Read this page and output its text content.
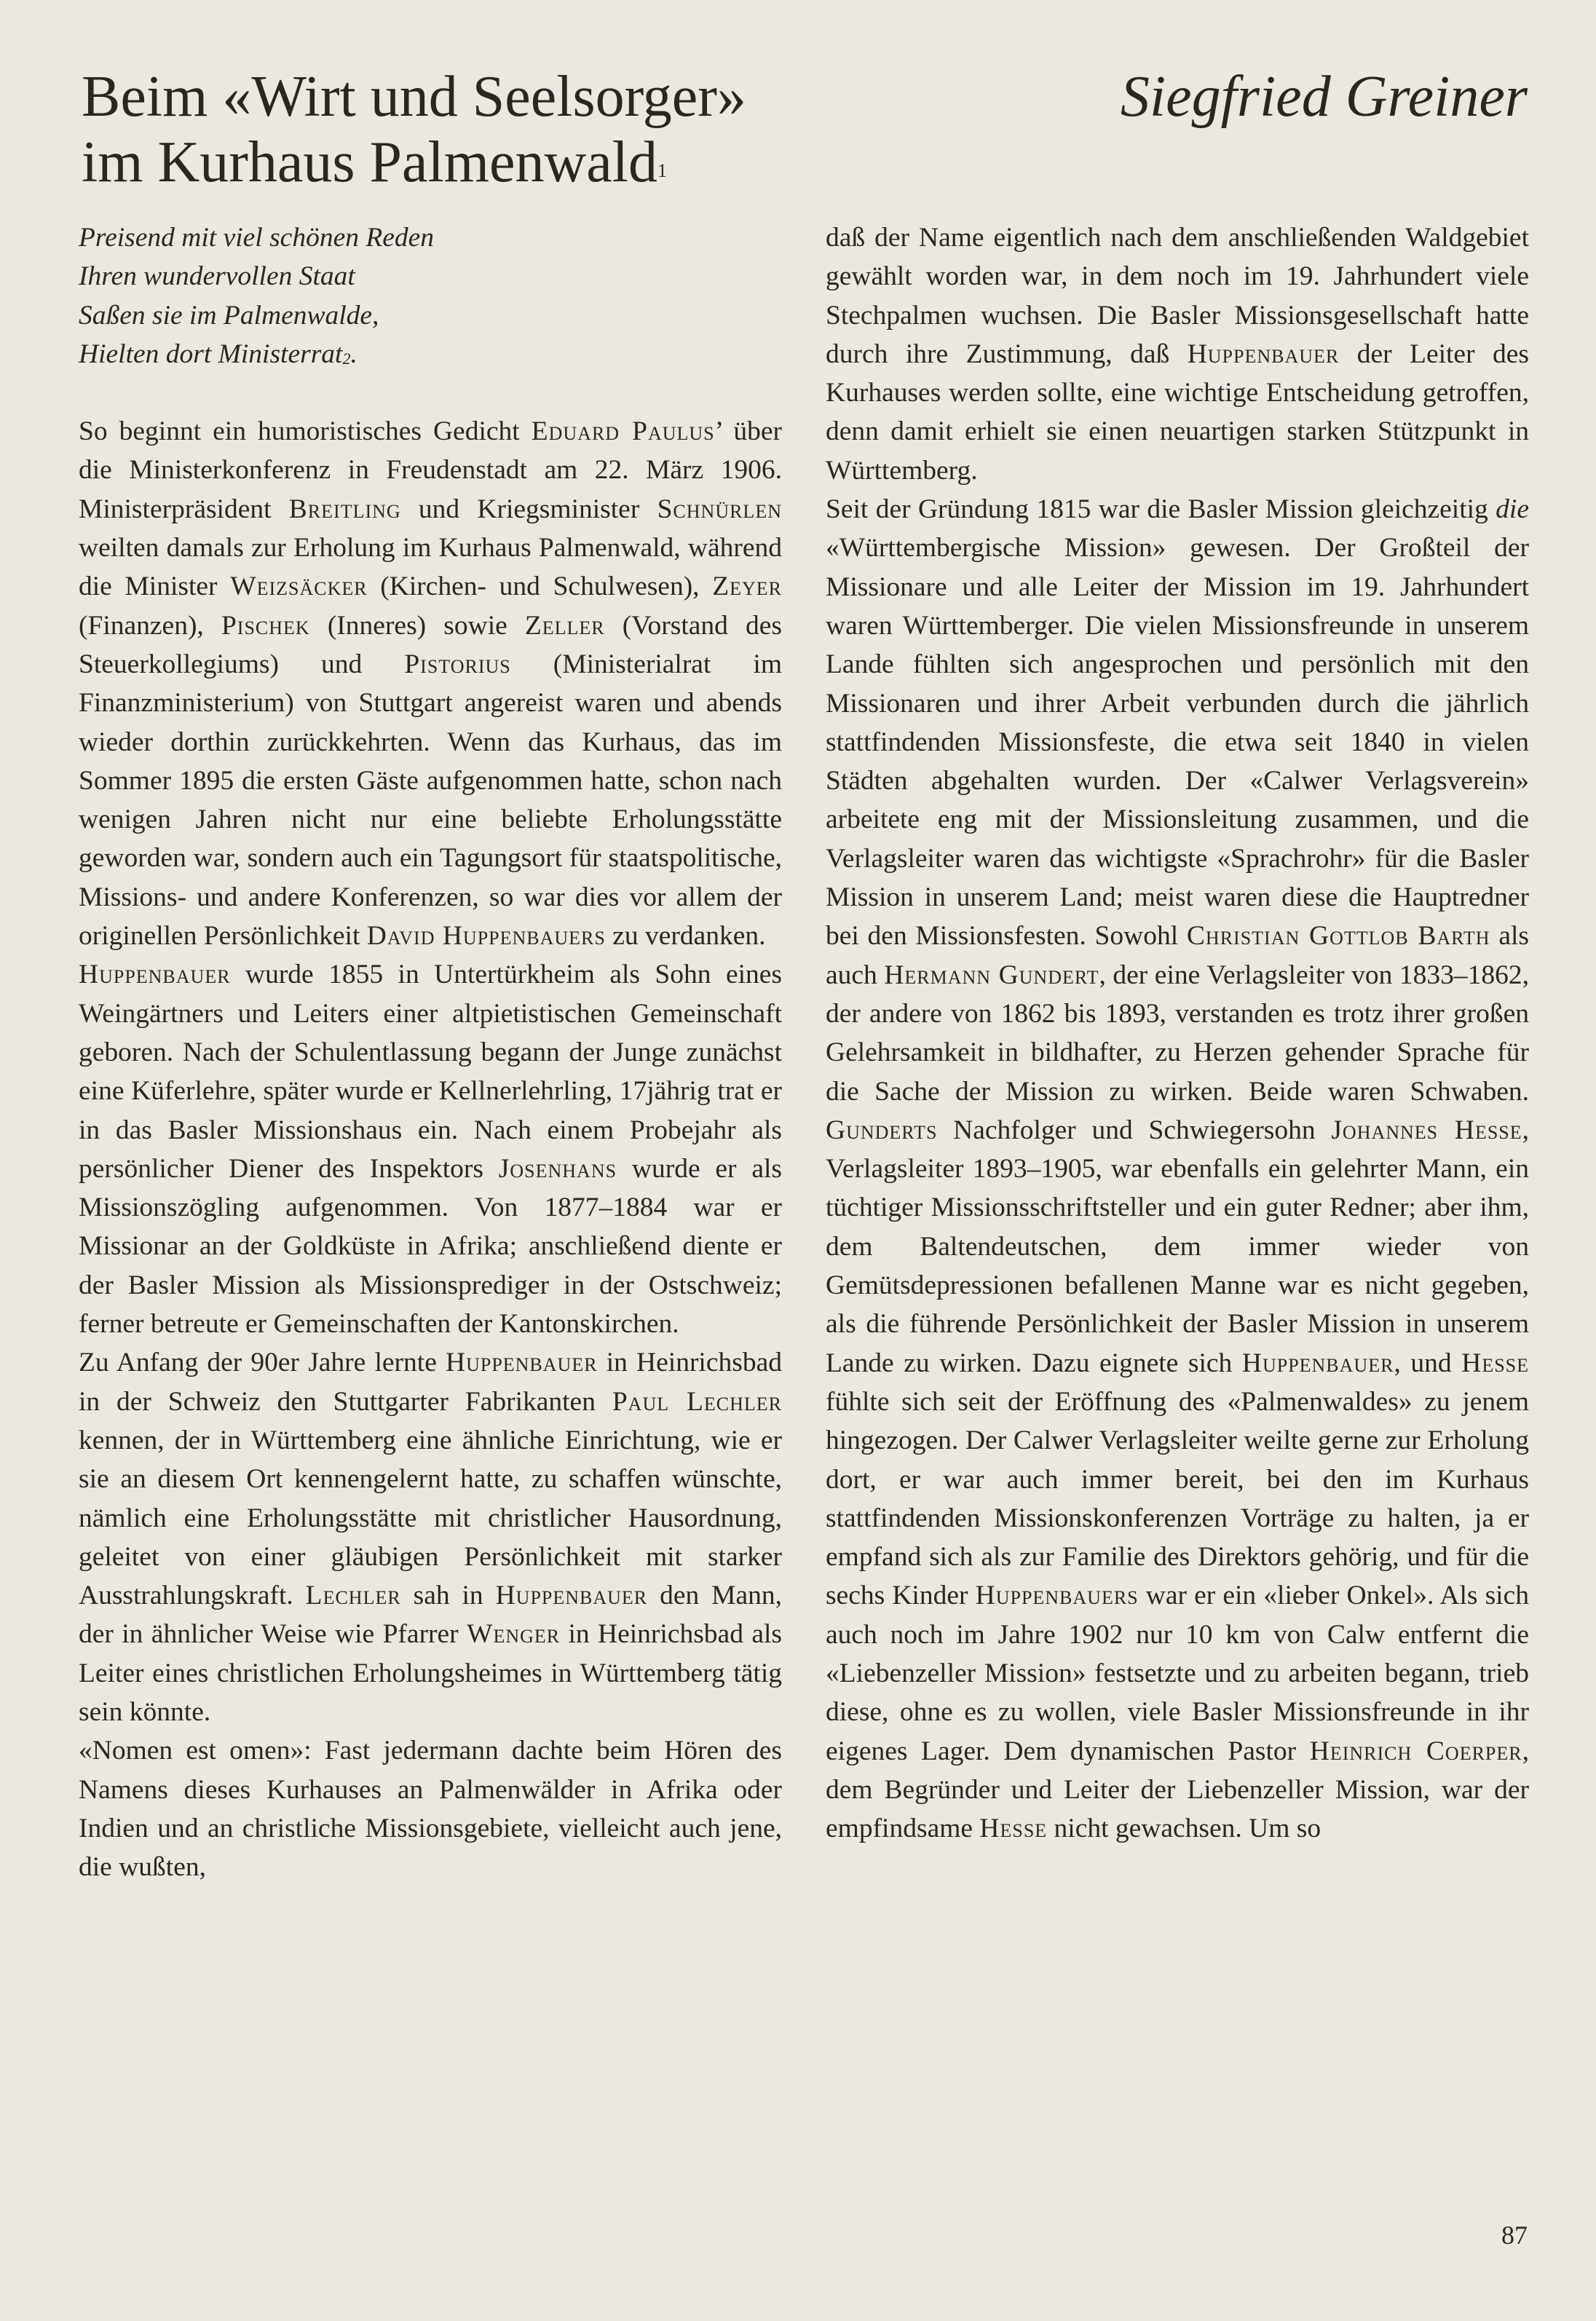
Beim «Wirt und Seelsorger»
im Kurhaus Palmenwald$^1$
Siegfried Greiner
Preisend mit viel schönen Reden
Ihren wundervollen Staat
Saßen sie im Palmenwalde,
Hielten dort Ministerrat$^2$.

So beginnt ein humoristisches Gedicht Eduard Paulus’ über die Ministerkonferenz in Freudenstadt am 22. März 1906. Ministerpräsident Breitling und Kriegsminister Schnürlen weilten damals zur Erholung im Kurhaus Palmenwald, während die Minister Weizsäcker (Kirchen- und Schulwesen), Zeyer (Finanzen), Pischek (Inneres) sowie Zeller (Vorstand des Steuerkollegiums) und Pistorius (Ministerialrat im Finanzministerium) von Stuttgart angereist waren und abends wieder dorthin zurückkehrten. Wenn das Kurhaus, das im Sommer 1895 die ersten Gäste aufgenommen hatte, schon nach wenigen Jahren nicht nur eine beliebte Erholungsstätte geworden war, sondern auch ein Tagungsort für staatspolitische, Missions- und andere Konferenzen, so war dies vor allem der originellen Persönlichkeit David Huppenbauers zu verdanken.

Huppenbauer wurde 1855 in Untertürkheim als Sohn eines Weingärtners und Leiters einer altpietistischen Gemeinschaft geboren. Nach der Schulentlassung begann der Junge zunächst eine Küferlehre, später wurde er Kellnerlehrling, 17jährig trat er in das Basler Missionshaus ein. Nach einem Probejahr als persönlicher Diener des Inspektors Josenhans wurde er als Missionszögling aufgenommen. Von 1877–1884 war er Missionar an der Goldküste in Afrika; anschließend diente er der Basler Mission als Missionsprediger in der Ostschweiz; ferner betreute er Gemeinschaften der Kantonskirchen.

Zu Anfang der 90er Jahre lernte Huppenbauer in Heinrichsbad in der Schweiz den Stuttgarter Fabrikanten Paul Lechler kennen, der in Württemberg eine ähnliche Einrichtung, wie er sie an diesem Ort kennengelernt hatte, zu schaffen wünschte, nämlich eine Erholungsstätte mit christlicher Hausordnung, geleitet von einer gläubigen Persönlichkeit mit starker Ausstrahlungskraft. Lechler sah in Huppenbauer den Mann, der in ähnlicher Weise wie Pfarrer Wenger in Heinrichsbad als Leiter eines christlichen Erholungsheimes in Württemberg tätig sein könnte.

«Nomen est omen»: Fast jedermann dachte beim Hören des Namens dieses Kurhauses an Palmenwälder in Afrika oder Indien und an christliche Missionsgebiete, vielleicht auch jene, die wußten,

daß der Name eigentlich nach dem anschließenden Waldgebiet gewählt worden war, in dem noch im 19. Jahrhundert viele Stechpalmen wuchsen. Die Basler Missionsgesellschaft hatte durch ihre Zustimmung, daß Huppenbauer der Leiter des Kurhauses werden sollte, eine wichtige Entscheidung getroffen, denn damit erhielt sie einen neuartigen starken Stützpunkt in Württemberg.

Seit der Gründung 1815 war die Basler Mission gleichzeitig die «Württembergische Mission» gewesen. Der Großteil der Missionare und alle Leiter der Mission im 19. Jahrhundert waren Württemberger. Die vielen Missionsfreunde in unserem Lande fühlten sich angesprochen und persönlich mit den Missionaren und ihrer Arbeit verbunden durch die jährlich stattfindenden Missionsfeste, die etwa seit 1840 in vielen Städten abgehalten wurden. Der «Calwer Verlagsverein» arbeitete eng mit der Missionsleitung zusammen, und die Verlagsleiter waren das wichtigste «Sprachrohr» für die Basler Mission in unserem Land; meist waren diese die Hauptredner bei den Missionsfesten. Sowohl Christian Gottlob Barth als auch Hermann Gundert, der eine Verlagsleiter von 1833–1862, der andere von 1862 bis 1893, verstanden es trotz ihrer großen Gelehrsamkeit in bildhafter, zu Herzen gehender Sprache für die Sache der Mission zu wirken. Beide waren Schwaben. Gunderts Nachfolger und Schwiegersohn Johannes Hesse, Verlagsleiter 1893–1905, war ebenfalls ein gelehrter Mann, ein tüchtiger Missionsschriftsteller und ein guter Redner; aber ihm, dem Baltendeutschen, dem immer wieder von Gemütsdepressionen befallenen Manne war es nicht gegeben, als die führende Persönlichkeit der Basler Mission in unserem Lande zu wirken. Dazu eignete sich Huppenbauer, und Hesse fühlte sich seit der Eröffnung des «Palmenwaldes» zu jenem hingezogen. Der Calwer Verlagsleiter weilte gerne zur Erholung dort, er war auch immer bereit, bei den im Kurhaus stattfindenden Missionskonferenzen Vorträge zu halten, ja er empfand sich als zur Familie des Direktors gehörig, und für die sechs Kinder Huppenbauers war er ein «lieber Onkel». Als sich auch noch im Jahre 1902 nur 10 km von Calw entfernt die «Liebenzeller Mission» festsetzte und zu arbeiten begann, trieb diese, ohne es zu wollen, viele Basler Missionsfreunde in ihr eigenes Lager. Dem dynamischen Pastor Heinrich Coerper, dem Begründer und Leiter der Liebenzeller Mission, war der empfindsame Hesse nicht gewachsen. Um so

87
